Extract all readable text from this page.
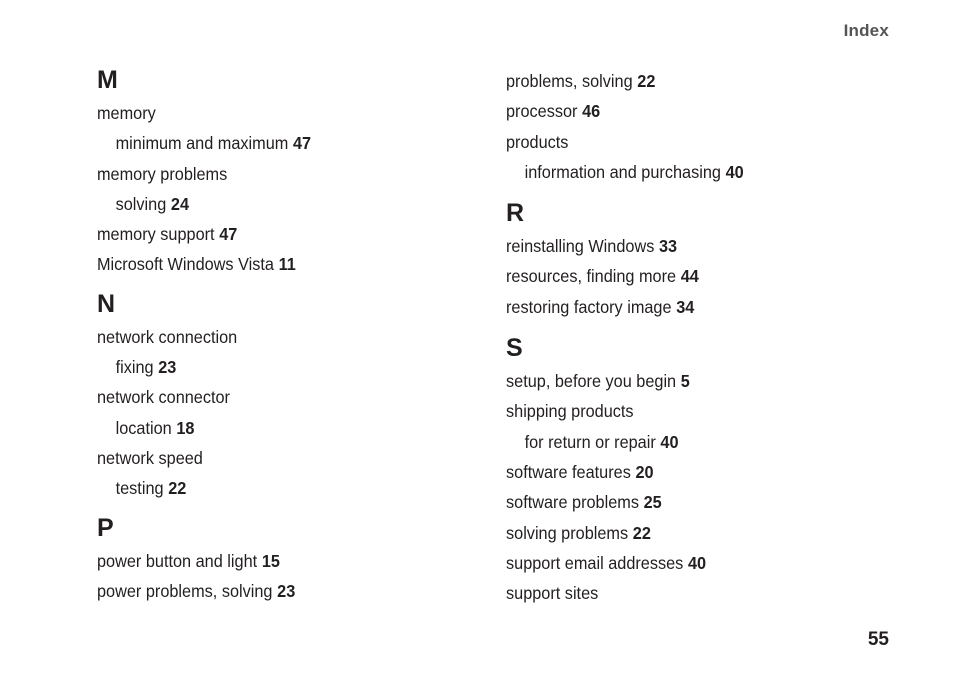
Index
M
memory
minimum and maximum 47
memory problems
solving 24
memory support 47
Microsoft Windows Vista 11
N
network connection
fixing 23
network connector
location 18
network speed
testing 22
P
power button and light 15
power problems, solving 23
problems, solving 22
processor 46
products
information and purchasing 40
R
reinstalling Windows 33
resources, finding more 44
restoring factory image 34
S
setup, before you begin 5
shipping products
for return or repair 40
software features 20
software problems 25
solving problems 22
support email addresses 40
support sites
55
